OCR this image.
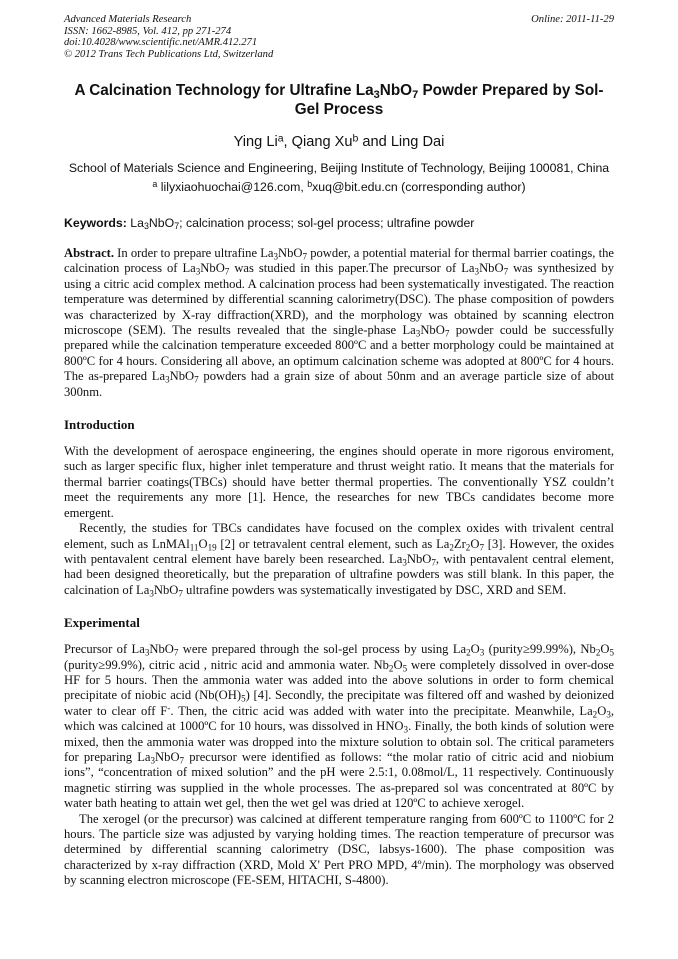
Advanced Materials Research
ISSN: 1662-8985, Vol. 412, pp 271-274
doi:10.4028/www.scientific.net/AMR.412.271
© 2012 Trans Tech Publications Ltd, Switzerland
Online: 2011-11-29
A Calcination Technology for Ultrafine $La_3NbO_7$ Powder Prepared by Sol-Gel Process
Ying Li$^a$, Qiang Xu$^b$ and Ling Dai
School of Materials Science and Engineering, Beijing Institute of Technology, Beijing 100081, China
$^a$ lilyxiaohuochai@126.com, $^b$xuq@bit.edu.cn (corresponding author)
Keywords: $La_3NbO_7$; calcination process; sol-gel process; ultrafine powder

Abstract. In order to prepare ultrafine $La_3NbO_7$ powder, a potential material for thermal barrier coatings, the calcination process of $La_3NbO_7$ was studied in this paper.The precursor of $La_3NbO_7$ was synthesized by using a citric acid complex method. A calcination process had been systematically investigated. The reaction temperature was determined by differential scanning calorimetry(DSC). The phase composition of powders was characterized by X-ray diffraction(XRD), and the morphology was obtained by scanning electron microscope (SEM). The results revealed that the single-phase $La_3NbO_7$ powder could be successfully prepared while the calcination temperature exceeded 800ºC and a better morphology could be maintained at 800ºC for 4 hours. Considering all above, an optimum calcination scheme was adopted at 800ºC for 4 hours. The as-prepared $La_3NbO_7$ powders had a grain size of about 50nm and an average particle size of about 300nm.

Introduction

With the development of aerospace engineering, the engines should operate in more rigorous enviroment, such as larger specific flux, higher inlet temperature and thrust weight ratio. It means that the materials for thermal barrier coatings(TBCs) should have better thermal properties. The conventionally YSZ couldn’t meet the requirements any more [1]. Hence, the researches for new TBCs candidates become more emergent.

Recently, the studies for TBCs candidates have focused on the complex oxides with trivalent central element, such as $LnMAl_{11}O_{19}$ [2] or tetravalent central element, such as $La_2Zr_2O_7$ [3]. However, the oxides with pentavalent central element have barely been researched. $La_3NbO_7$, with pentavalent central element, had been designed theoretically, but the preparation of ultrafine powders was still blank. In this paper, the calcination of $La_3NbO_7$ ultrafine powders was systematically investigated by DSC, XRD and SEM.

Experimental

Precursor of $La_3NbO_7$ were prepared through the sol-gel process by using $La_2O_3$ (purity≥99.99%), $Nb_2O_5$ (purity≥99.9%), citric acid , nitric acid and ammonia water. $Nb_2O_5$ were completely dissolved in over-dose HF for 5 hours. Then the ammonia water was added into the above solutions in order to form chemical precipitate of niobic acid $(Nb(OH)_5)$ [4]. Secondly, the precipitate was filtered off and washed by deionized water to clear off F-. Then, the citric acid was added with water into the precipitate. Meanwhile, $La_2O_3$, which was calcined at 1000ºC for 10 hours, was dissolved in $HNO_3$. Finally, the both kinds of solution were mixed, then the ammonia water was dropped into the mixture solution to obtain sol. The critical parameters for preparing $La_3NbO_7$ precursor were identified as follows: “the molar ratio of citric acid and niobium ions”, “concentration of mixed solution” and the pH were 2.5:1, 0.08mol/L, 11 respectively. Continuously magnetic stirring was supplied in the whole processes. The as-prepared sol was concentrated at 80ºC by water bath heating to attain wet gel, then the wet gel was dried at 120ºC to achieve xerogel.

The xerogel (or the precursor) was calcined at different temperature ranging from 600ºC to 1100ºC for 2 hours. The particle size was adjusted by varying holding times. The reaction temperature of precursor was determined by differential scanning calorimetry (DSC, labsys-1600). The phase composition was characterized by x-ray diffraction (XRD, Mold X' Pert PRO MPD, 4º/min). The morphology was observed by scanning electron microscope (FE-SEM, HITACHI, S-4800).
